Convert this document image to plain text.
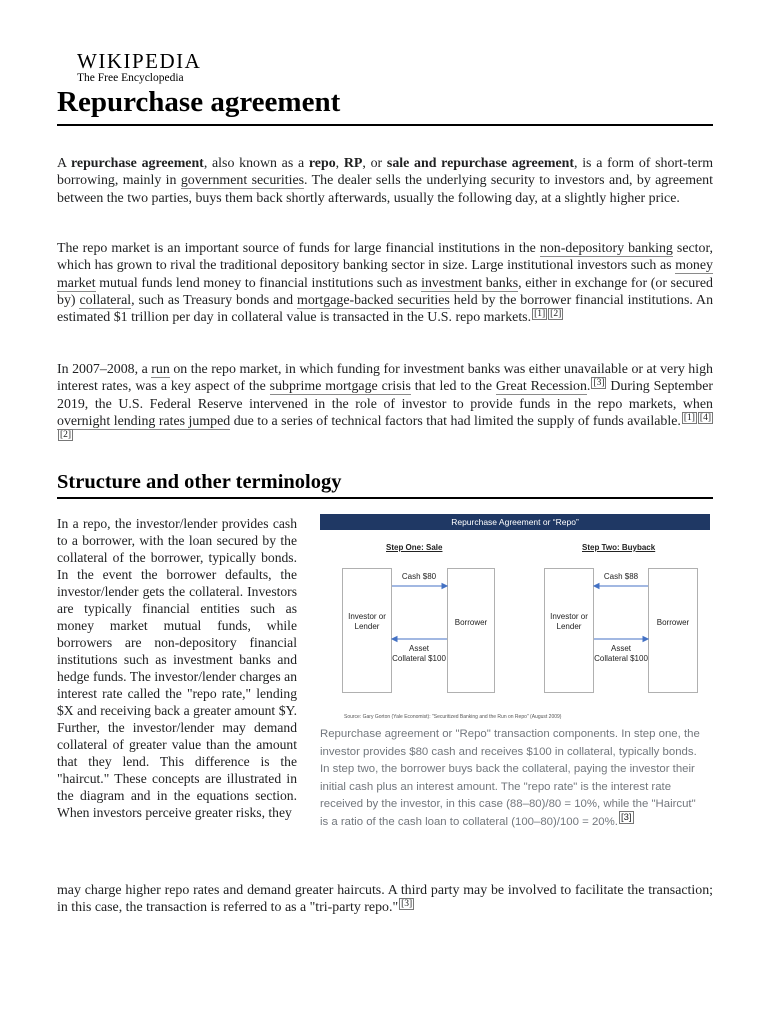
WIKIPEDIA
The Free Encyclopedia
Repurchase agreement

A repurchase agreement, also known as a repo, RP, or sale and repurchase agreement, is a form of short-term borrowing, mainly in government securities. The dealer sells the underlying security to investors and, by agreement between the two parties, buys them back shortly afterwards, usually the following day, at a slightly higher price.

The repo market is an important source of funds for large financial institutions in the non-depository banking sector, which has grown to rival the traditional depository banking sector in size. Large institutional investors such as money market mutual funds lend money to financial institutions such as investment banks, either in exchange for (or secured by) collateral, such as Treasury bonds and mortgage-backed securities held by the borrower financial institutions. An estimated $1 trillion per day in collateral value is transacted in the U.S. repo markets. [1] [2]

In 2007–2008, a run on the repo market, in which funding for investment banks was either unavailable or at very high interest rates, was a key aspect of the subprime mortgage crisis that led to the Great Recession. [3] During September 2019, the U.S. Federal Reserve intervened in the role of investor to provide funds in the repo markets, when overnight lending rates jumped due to a series of technical factors that had limited the supply of funds available. [1] [4][2]

Structure and other terminology

In a repo, the investor/lender provides cash to a borrower, with the loan secured by the collateral of the borrower, typically bonds. In the event the borrower defaults, the investor/lender gets the collateral. Investors are typically financial entities such as money market mutual funds, while borrowers are non-depository financial institutions such as investment banks and hedge funds. The investor/lender charges an interest rate called the "repo rate," lending $X and receiving back a greater amount $Y. Further, the investor/lender may demand collateral of greater value than the amount that they lend. This difference is the "haircut." These concepts are illustrated in the diagram and in the equations section. When investors perceive greater risks, they

Repurchase Agreement or “Repo”
Step One: Sale	Step Two: Buyback
Investor or Lender	Borrower
Investor or Lender	Borrower
Cash $80	Cash $88
Asset Collateral $100
Asset Collateral $100
Source: Gary Gorton (Yale Economist): "Securitized Banking and the Run on Repo" (August 2009)
Repurchase agreement or "Repo" transaction components. In step one, the investor provides $80 cash and receives $100 in collateral, typically bonds. In step two, the borrower buys back the collateral, paying the investor their initial cash plus an interest amount. The "repo rate" is the interest rate received by the investor, in this case (88–80)/80 = 10%, while the "Haircut" is a ratio of the cash loan to collateral (100–80)/100 = 20%. [3]

may charge higher repo rates and demand greater haircuts. A third party may be involved to facilitate the transaction; in this case, the transaction is referred to as a "tri-party repo." [3]
